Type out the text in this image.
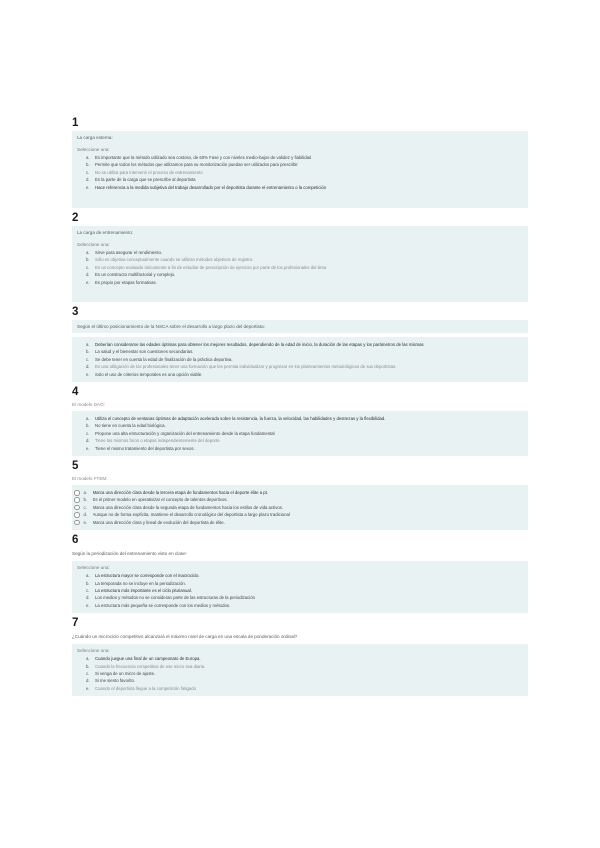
1
La carga externa:
Seleccione una:
a.	Es importante que la método utilizado sea costoso, de 60% Fase y con niveles medio-bajos de validez y fiabilidad
b.	Permite que todos los métodos que utilizamos para su monitorización puedan ser utilizados para prescribir
c.	No se utiliza para intervenir el proceso de entrenamiento
d.	Es la parte de la carga que se prescribe al deportista
e.	Hace referencia a la medida subjetiva del trabajo desarrollado por el deportista durante el entrenamiento o la competición
2
La carga de entrenamiento:
Seleccione una:
a.	Sirve para asegurar el rendimiento.
b.	Sólo es objetiva conceptualmente cuando se utilizan métodos objetivos de registro.
c.	Es un concepto evaluado únicamente a fin de estudiar de prescripción de ejercicio por parte de los profesionales del área
d.	Es un constructo multifactorial y complejo.
e.	Es propio por etapas formativas.
3
Según el último posicionamiento de la NSCA sobre el desarrollo a largo plazo del deportista:
a.	Deberían considerarse las edades óptimas para obtener los mejores resultados, dependiendo de la edad de inicio, la duración de las etapas y los parámetros de las mismas
b.	La salud y el bienestar son cuestiones secundarias.
c.	Se debe tener en cuenta la edad de finalización de la práctica deportiva.
d.	Es una obligación de los profesionales tener una formación que les permita individualizar y progresar en los planteamientos metodológicos de sus deportistas.
e.	Solo el uso de criterios temporales es una opción viable.
4
El modelo DAO:
a.	Utiliza el concepto de ventanas óptimas de adaptación acelerada sobre la resistencia, la fuerza, la velocidad, las habilidades y destrezas y la flexibilidad.
b.	No tiene en cuenta la edad biológica.
c.	Propone una alta estructuración y organización del entrenamiento desde la etapa fundamental
d.	Tiene los mismos foros o etapas independientemente del deporte.
e.	Tiene el mismo tratamiento del deportista por sexos.
5
El modelo FTEM:
a.	Marca una dirección clara desde la tercera etapa de fundamentos hacia el deporte élite a pt.
b.	Es el primer modelo en operativizar el concepto de talentos deportivos.
c.	Marca una dirección clara desde la segunda etapa de fundamentos hacia los estilos de vida activos.
d.	Aunque no de forma explícita, mantiene el desarrollo cronológico del deportista a largo plazo tradicional
e.	Marca una dirección clara y lineal de evolución del deportista de élite.
6
Según la periodización del entrenamiento visto en clase:
Seleccione una:
a.	La estructura mayor se corresponde con el macrociclo.
b.	La temporada no se incluye en la periodización.
c.	La estructura más importante es el ciclo plurianual.
d.	Los medios y métodos no se consideran parte de las estructuras de la periodización
e.	La estructura más pequeña se corresponde con los medios y métodos.
7
¿Cuándo un microciclo competitivo alcanzará el máximo nivel de carga en una escala de ponderación ordinal?
Seleccione una:
a.	Cuando juegue una final de un campeonato de Europa.
b.	Cuando la frecuencia competitiva de ese micro sea diaria.
c.	Si venga de un micro de ajuste.
d.	Si me siento favorito.
e.	Cuando el deportista llegue a la competición fatigado
